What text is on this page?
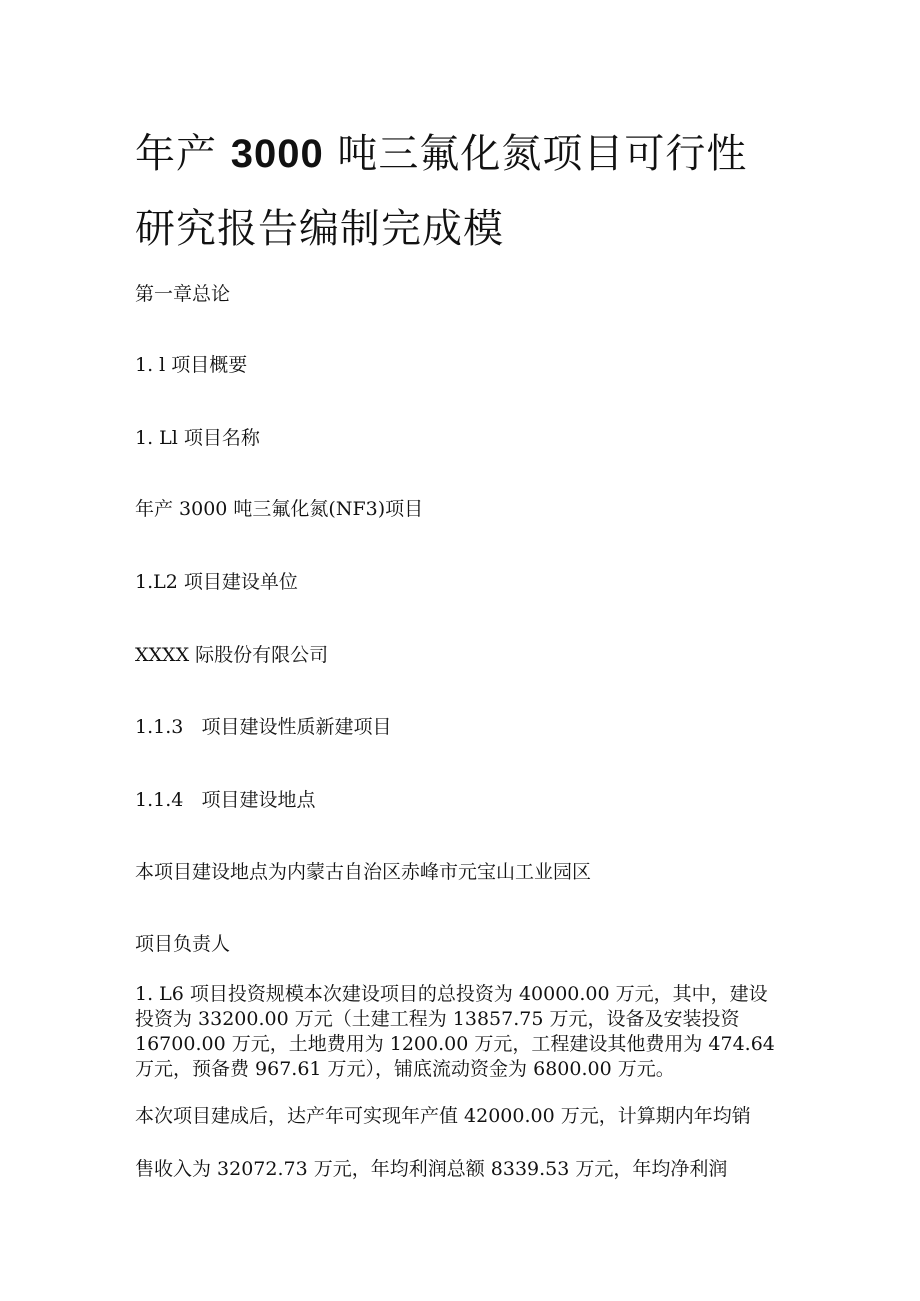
年产 3000 吨三氟化氮项目可行性
研究报告编制完成模
第一章总论
1. l 项目概要
1. Ll 项目名称
年产 3000 吨三氟化氮(NF3)项目
1.L2 项目建设单位
XXXX 际股份有限公司
1.1.3   项目建设性质新建项目
1.1.4   项目建设地点
本项目建设地点为内蒙古自治区赤峰市元宝山工业园区
项目负责人
1. L6 项目投资规模本次建设项目的总投资为 40000.00 万元，其中，建设投资为 33200.00 万元（土建工程为 13857.75 万元，设备及安装投资 16700.00 万元，土地费用为 1200.00 万元，工程建设其他费用为 474.64 万元，预备费 967.61 万元），铺底流动资金为 6800.00 万元。
本次项目建成后，达产年可实现年产值 42000.00 万元，计算期内年均销
售收入为 32072.73 万元，年均利润总额 8339.53 万元，年均净利润
